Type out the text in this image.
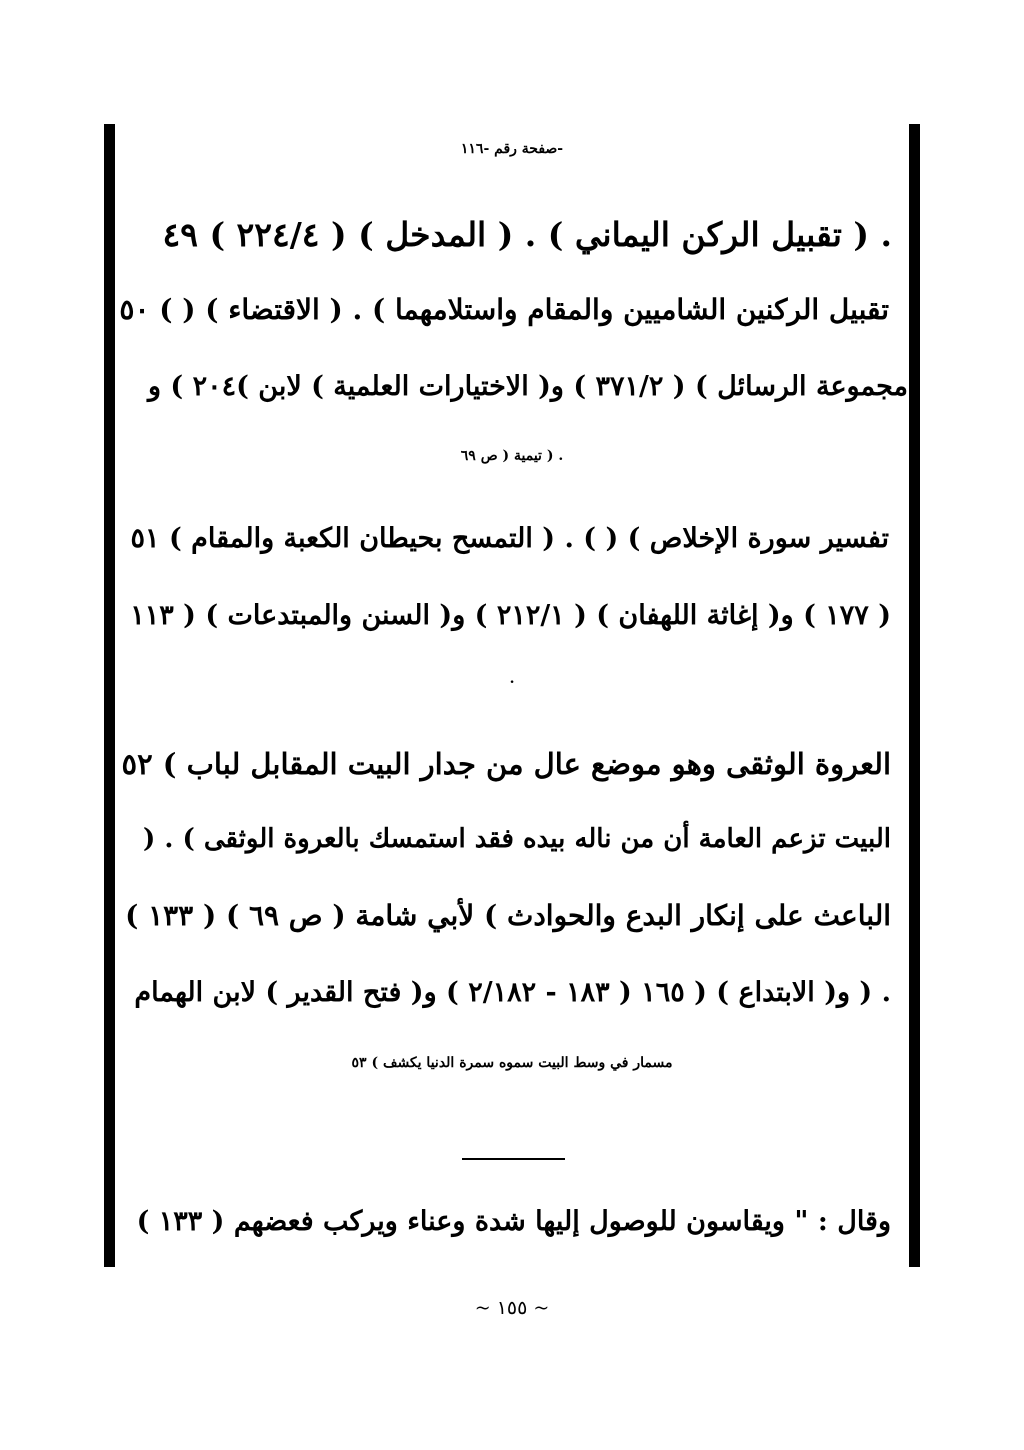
-صفحة رقم -١١٦
. ( تقبيل الركن اليماني ) . ( المدخل ) ( ٢٢٤/٤ ) ٤٩
تقبيل الركنين الشاميين والمقام واستلامهما ) . ( الاقتضاء ) ( ) ٥٠
مجموعة الرسائل ) ( ٣٧١/٢ ) و( الاختيارات العلمية ) لابن )٢٠٤ ) و
. ( تيمية ( ص ٦٩
تفسير سورة الإخلاص ) ( ) . ( التمسح بحيطان الكعبة والمقام ) ٥١
( ١٧٧ ) و( إغاثة اللهفان ) ( ٢١٢/١ ) و( السنن والمبتدعات ) ( ١١٣
.
العروة الوثقى وهو موضع عال من جدار البيت المقابل لباب ) ٥٢
البيت تزعم العامة أن من ناله بيده فقد استمسك بالعروة الوثقى ) . (
الباعث على إنكار البدع والحوادث ) لأبي شامة ( ص ٦٩ ) ( ١٣٣ )
. ( و( الابتداع ) ( ١٦٥ ( ١٨٣ - ٢/١٨٢ ) و( فتح القدير ) لابن الهمام
مسمار في وسط البيت سموه سمرة الدنيا يكشف ) ٥٣
وقال : " ويقاسون للوصول إليها شدة وعناء ويركب فعضهم ( ١٣٣ )
~ ١٥٥ ~
